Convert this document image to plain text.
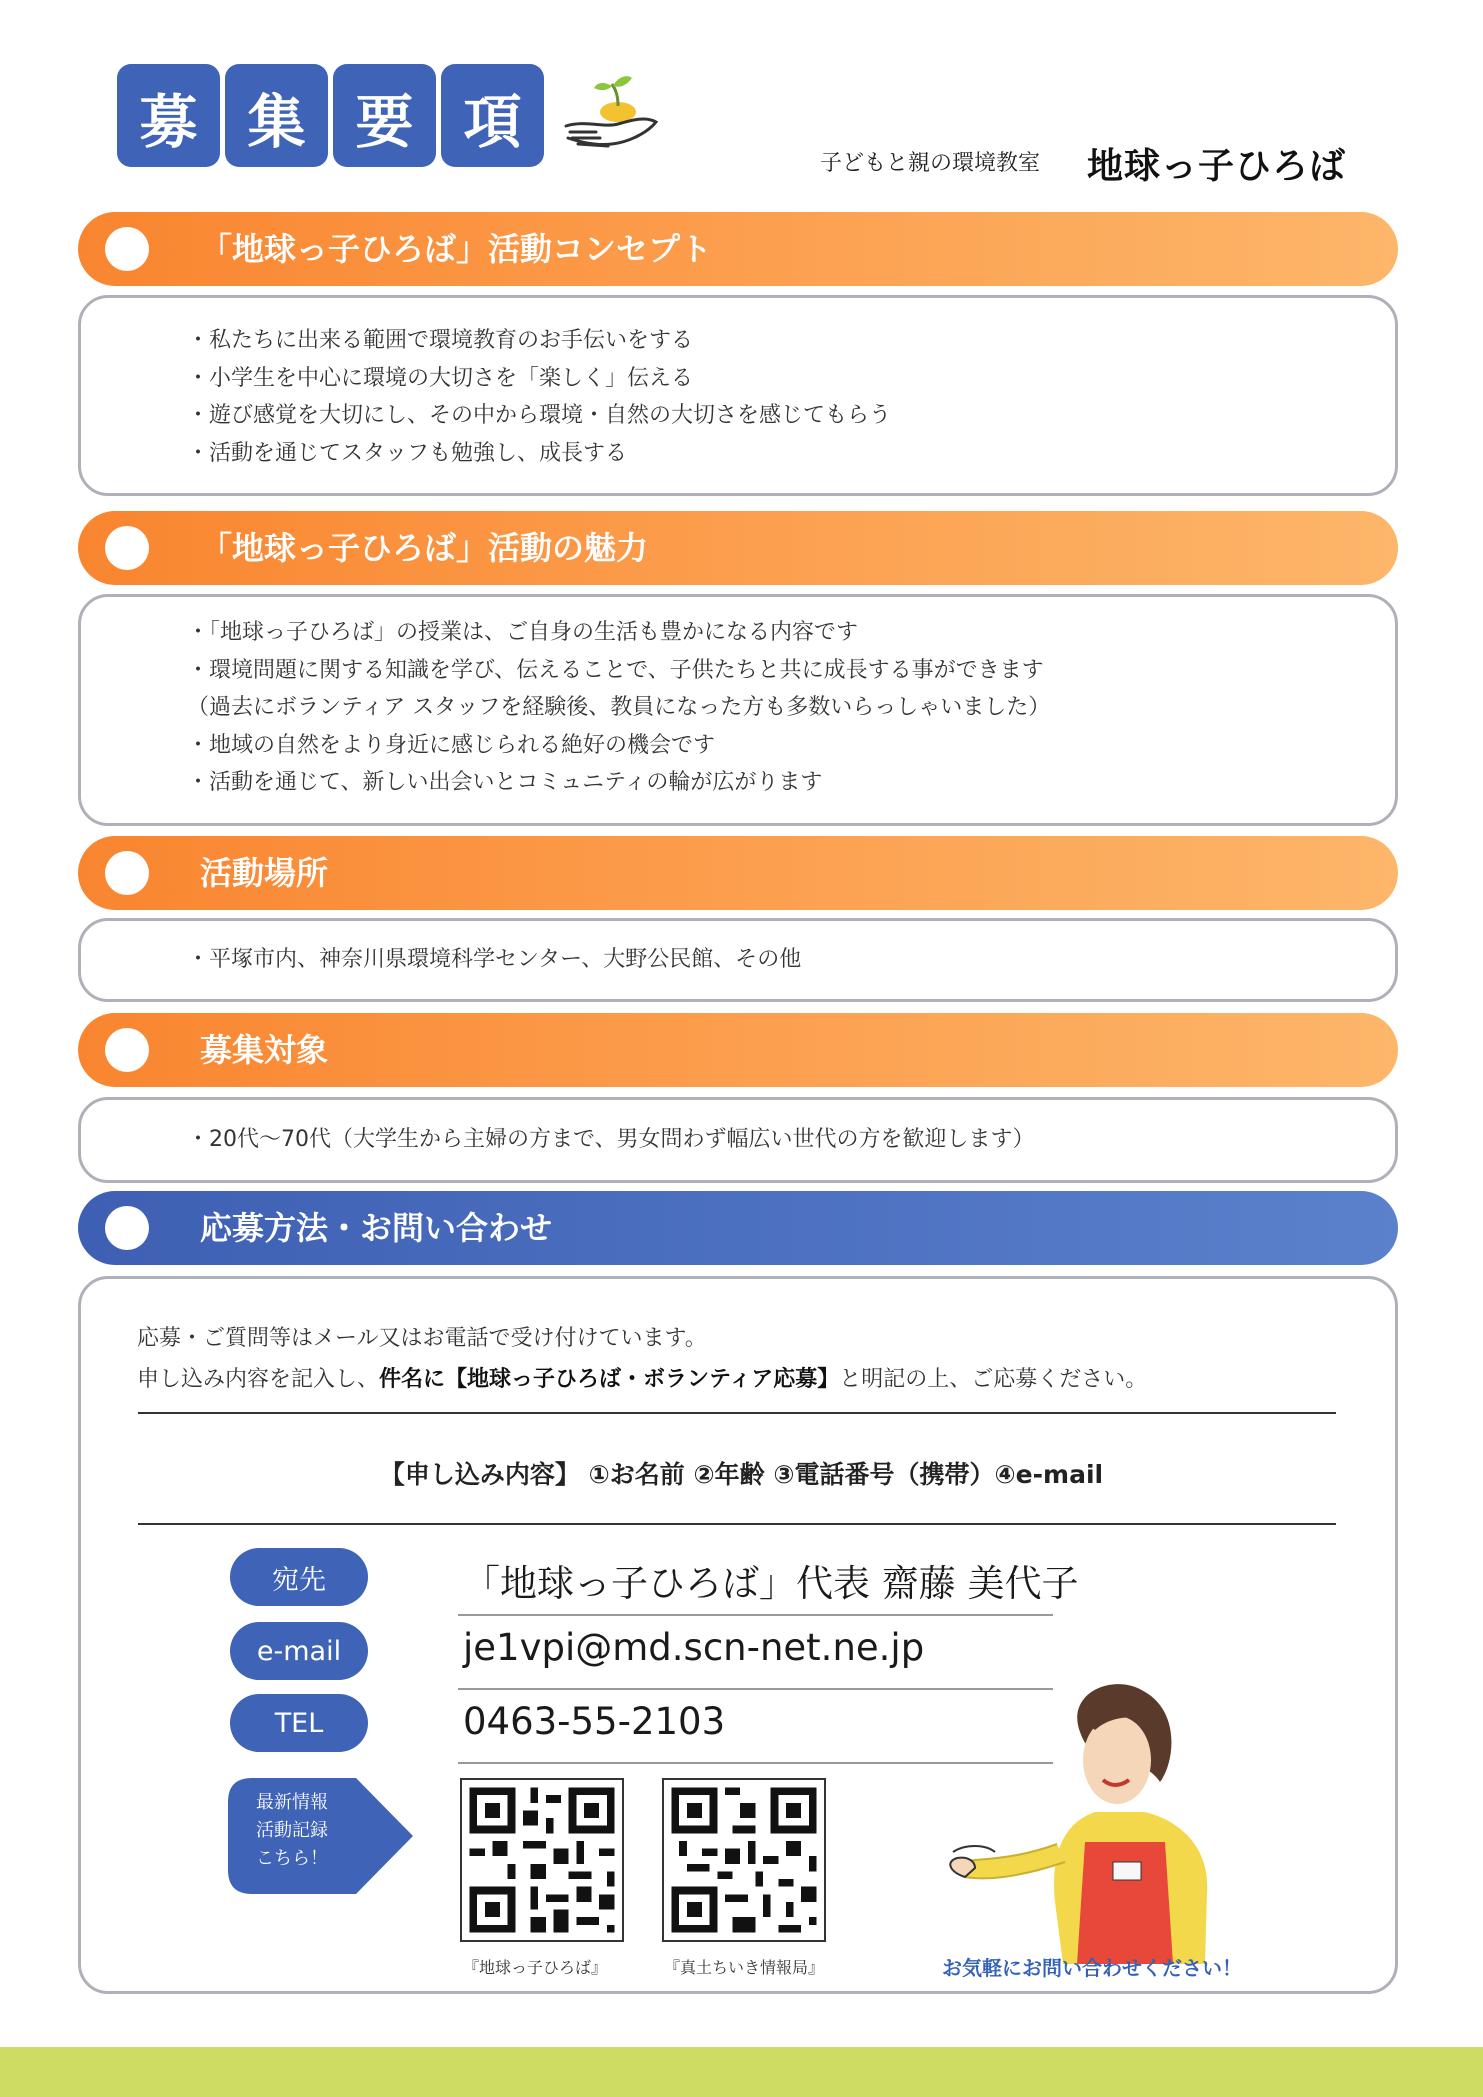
募 集 要 項
子どもと親の環境教室 地球っ子ひろば
「地球っ子ひろば」活動コンセプト
・私たちに出来る範囲で環境教育のお手伝いをする
・小学生を中心に環境の大切さを「楽しく」伝える
・遊び感覚を大切にし、その中から環境・自然の大切さを感じてもらう
・活動を通じてスタッフも勉強し、成長する
「地球っ子ひろば」活動の魅力
・「地球っ子ひろば」の授業は、ご自身の生活も豊かになる内容です
・環境問題に関する知識を学び、伝えることで、子供たちと共に成長する事ができます
（過去にボランティア スタッフを経験後、教員になった方も多数いらっしゃいました）
・地域の自然をより身近に感じられる絶好の機会です
・活動を通じて、新しい出会いとコミュニティの輪が広がります
活動場所
・平塚市内、神奈川県環境科学センター、大野公民館、その他
募集対象
・20代～70代（大学生から主婦の方まで、男女問わず幅広い世代の方を歓迎します）
応募方法・お問い合わせ
応募・ご質問等はメール又はお電話で受け付けています。
申し込み内容を記入し、件名に【地球っ子ひろば・ボランティア応募】と明記の上、ご応募ください。
【申し込み内容】 ①お名前 ②年齢 ③電話番号（携帯）④e-mail
宛先	「地球っ子ひろば」代表 齋藤 美代子
e-mail	je1vpi@md.scn-net.ne.jp
TEL	0463-55-2103
最新情報
活動記録
こちら！
『地球っ子ひろば』	『真土ちいき情報局』	お気軽にお問い合わせください！
